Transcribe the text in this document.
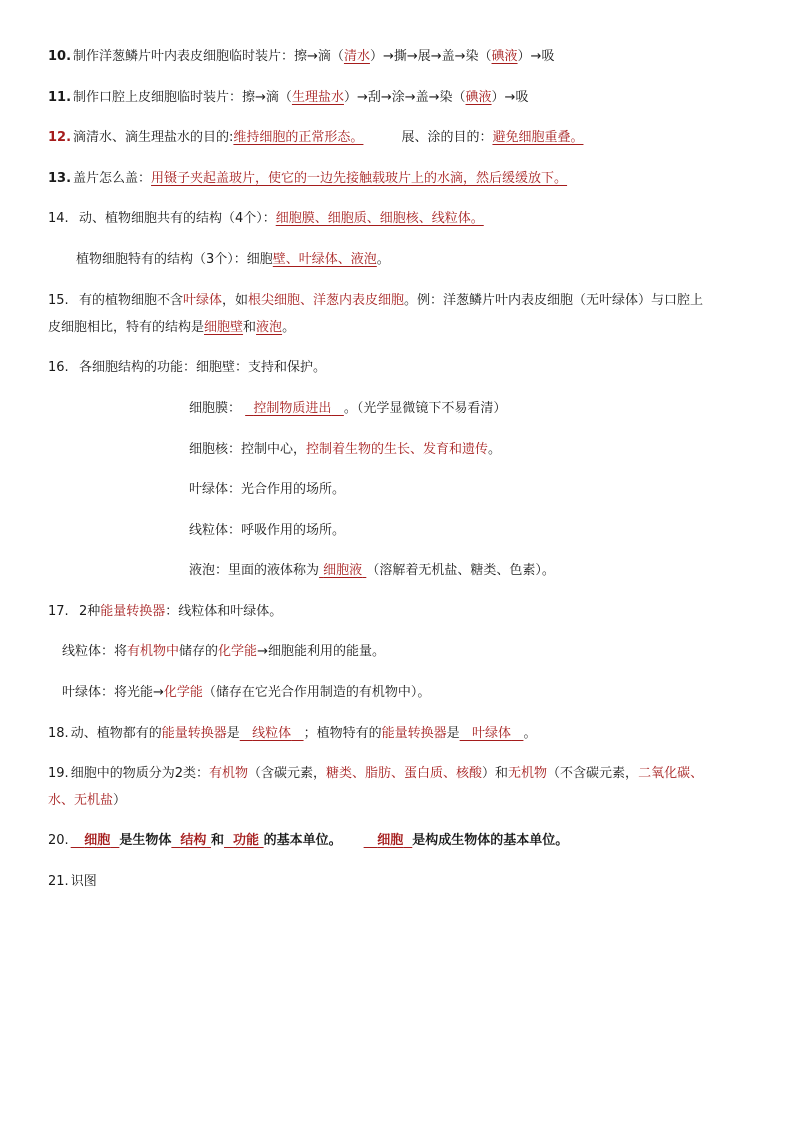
10. 制作洋葱鳞片叶内表皮细胞临时装片：擦→滴（清水）→撕→展→盖→染（碘液）→吸
11. 制作口腔上皮细胞临时装片：擦→滴（生理盐水）→刮→涂→盖→染（碘液）→吸
12. 滴清水、滴生理盐水的目的:维持细胞的正常形态。	展、涂的目的：避免细胞重叠。
13. 盖片怎么盖：用镊子夹起盖玻片，使它的一边先接触载玻片上的水滴，然后缓缓放下。
14. 动、植物细胞共有的结构（4个）：细胞膜、细胞质、细胞核、线粒体。
植物细胞特有的结构（3个）：细胞壁、叶绿体、液泡。
15. 有的植物细胞不含叶绿体，如根尖细胞、洋葱内表皮细胞。例：洋葱鳞片叶内表皮细胞（无叶绿体）与口腔上
皮细胞相比，特有的结构是细胞壁和液泡。
16. 各细胞结构的功能：细胞壁：支持和保护。
细胞膜： 控制物质进出 。（光学显微镜下不易看清）
细胞核：控制中心，控制着生物的生长、发育和遗传。
叶绿体：光合作用的场所。
线粒体：呼吸作用的场所。
液泡：里面的液体称为 细胞液 （溶解着无机盐、糖类、色素）。
17. 2种能量转换器：线粒体和叶绿体。
线粒体：将有机物中储存的化学能→细胞能利用的能量。
叶绿体：将光能→化学能（储存在它光合作用制造的有机物中）。
18. 动、植物都有的能量转换器是 线粒体 ；植物特有的能量转换器是 叶绿体 。
19. 细胞中的物质分为2类：有机物（含碳元素，糖类、脂肪、蛋白质、核酸）和无机物（不含碳元素，二氧化碳、
水、无机盐）
20. 细胞 是生物体 结构 和 功能 的基本单位。	细胞 是构成生物体的基本单位。
21. 识图
